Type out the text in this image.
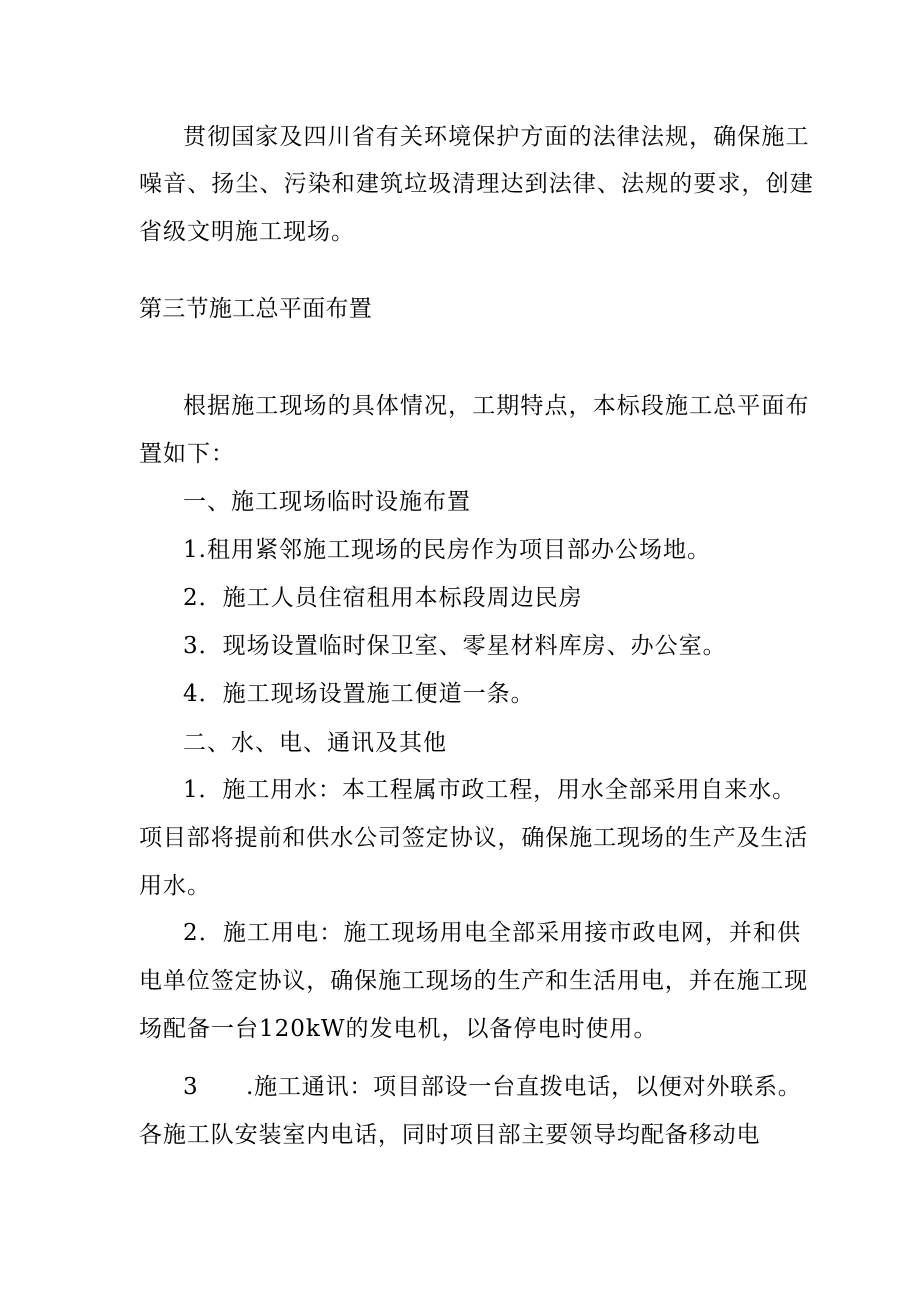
贯彻国家及四川省有关环境保护方面的法律法规，确保施工
噪音、扬尘、污染和建筑垃圾清理达到法律、法规的要求，创建
省级文明施工现场。
第三节施工总平面布置
根据施工现场的具体情况，工期特点，本标段施工总平面布
置如下：
一、施工现场临时设施布置
1.租用紧邻施工现场的民房作为项目部办公场地。
2．施工人员住宿租用本标段周边民房
3．现场设置临时保卫室、零星材料库房、办公室。
4．施工现场设置施工便道一条。
二、水、电、通讯及其他
1．施工用水：本工程属市政工程，用水全部采用自来水。
项目部将提前和供水公司签定协议，确保施工现场的生产及生活
用水。
2．施工用电：施工现场用电全部采用接市政电网，并和供
电单位签定协议，确保施工现场的生产和生活用电，并在施工现
场配备一台120kW的发电机，以备停电时使用。
3　　.施工通讯：项目部设一台直拨电话，以便对外联系。
各施工队安装室内电话，同时项目部主要领导均配备移动电
